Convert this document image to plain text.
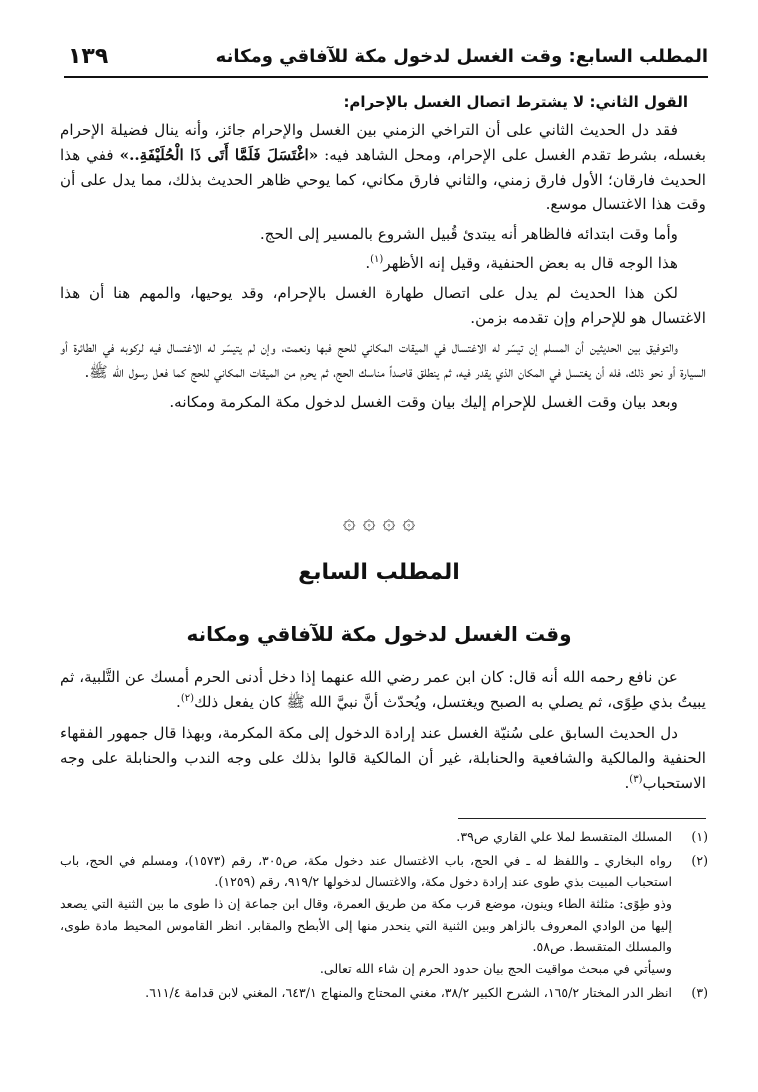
١٣٩	المطلب السابع: وقت الغسل لدخول مكة للآفاقي ومكانه
القول الثاني: لا يشترط اتصال الغسل بالإحرام:

فقد دل الحديث الثاني على أن التراخي الزمني بين الغسل والإحرام جائز، وأنه ينال فضيلة الإحرام بغسله، بشرط تقدم الغسل على الإحرام، ومحل الشاهد فيه: «اغْتَسَلَ فَلَمَّا أَتَى ذَا الْحُلَيْفَةِ..» ففي هذا الحديث فارقان؛ الأول فارق زمني، والثاني فارق مكاني، كما يوحي ظاهر الحديث بذلك، مما يدل على أن وقت هذا الاغتسال موسع.

وأما وقت ابتدائه فالظاهر أنه يبتدئ قُبيل الشروع بالمسير إلى الحج.

هذا الوجه قال به بعض الحنفية، وقيل إنه الأظهر$^{(١)}$.

لكن هذا الحديث لم يدل على اتصال طهارة الغسل بالإحرام، وقد يوحيها، والمهم هنا أن هذا الاغتسال هو للإحرام وإن تقدمه بزمن.

والتوفيق بين الحديثين أن المسلم إن تيسّر له الاغتسال في الميقات المكاني للحج فبها ونعمت، وإن لم يتيسّر له الاغتسال فيه لركوبه في الطائرة أو السيارة أو نحو ذلك، فله أن يغتسل في المكان الذي يقدر فيه، ثم ينطلق قاصداً مناسك الحج، ثم يحرم من الميقات المكاني للحج كما فعل رسول الله ﷺ.

وبعد بيان وقت الغسل للإحرام إليك بيان وقت الغسل لدخول مكة المكرمة ومكانه.

۞ ۞ ۞ ۞
المطلب السابع
وقت الغسل لدخول مكة للآفاقي ومكانه

عن نافع رحمه الله أنه قال: كان ابن عمر رضي الله عنهما إذا دخل أدنى الحرم أمسك عن التَّلبية، ثم يبيتُ بذي طِوًى، ثم يصلي به الصبح ويغتسل، ويُحدّث أنَّ نبيَّ الله ﷺ كان يفعل ذلك$^{(٢)}$.

دل الحديث السابق على سُنيّة الغسل عند إرادة الدخول إلى مكة المكرمة، وبهذا قال جمهور الفقهاء الحنفية والمالكية والشافعية والحنابلة، غير أن المالكية قالوا بذلك على وجه الندب والحنابلة على وجه الاستحباب$^{(٣)}$.

(١)

المسلك المتقسط لملا علي القاري ص٣٩.

(٢)

رواه البخاري ـ واللفظ له ـ في الحج، باب الاغتسال عند دخول مكة، ص٣٠٥، رقم (١٥٧٣)، ومسلم في الحج، باب استحباب المبيت بذي طوى عند إرادة دخول مكة، والاغتسال لدخولها ٩١٩/٢، رقم (١٢٥٩).

وذو طِوًى: مثلثة الطاء وينون، موضع قرب مكة من طريق العمرة، وقال ابن جماعة إن ذا طوى ما بين الثنية التي يصعد إليها من الوادي المعروف بالزاهر وبين الثنية التي ينحدر منها إلى الأبطح والمقابر. انظر القاموس المحيط مادة طوى، والمسلك المتقسط. ص٥٨.

وسيأتي في مبحث مواقيت الحج بيان حدود الحرم إن شاء الله تعالى.

(٣)

انظر الدر المختار ١٦٥/٢، الشرح الكبير ٣٨/٢، مغني المحتاج والمنهاج ٦٤٣/١، المغني لابن قدامة ٦١١/٤.
